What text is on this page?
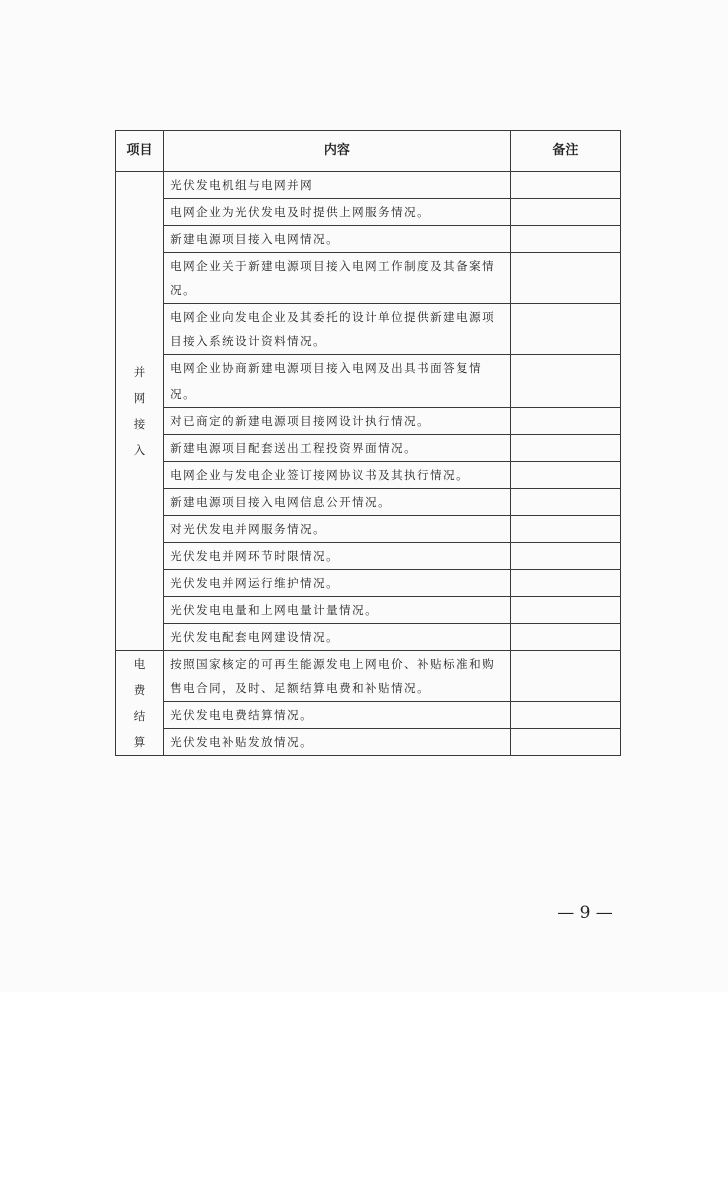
项目	内容	备注
并网接入	光伏发电机组与电网并网	
	电网企业为光伏发电及时提供上网服务情况。	
	新建电源项目接入电网情况。	
	电网企业关于新建电源项目接入电网工作制度及其备案情况。	
	电网企业向发电企业及其委托的设计单位提供新建电源项目接入系统设计资料情况。	
	电网企业协商新建电源项目接入电网及出具书面答复情况。	
	对已商定的新建电源项目接网设计执行情况。	
	新建电源项目配套送出工程投资界面情况。	
	电网企业与发电企业签订接网协议书及其执行情况。	
	新建电源项目接入电网信息公开情况。	
	对光伏发电并网服务情况。	
	光伏发电并网环节时限情况。	
	光伏发电并网运行维护情况。	
	光伏发电电量和上网电量计量情况。	
	光伏发电配套电网建设情况。	
电费结算	按照国家核定的可再生能源发电上网电价、补贴标准和购售电合同，及时、足额结算电费和补贴情况。	
	光伏发电电费结算情况。	
	光伏发电补贴发放情况。	
— 9 —
